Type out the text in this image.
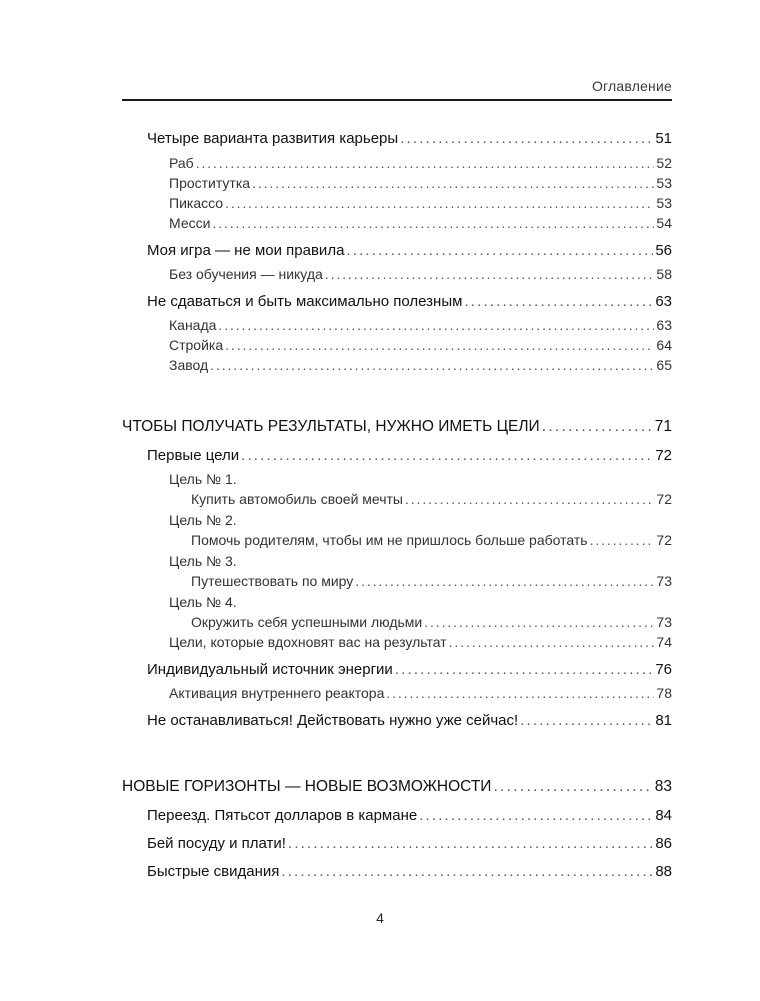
Оглавление
Четыре варианта развития карьеры . . .	51
Раб . . .	52
Проститутка . . .	53
Пикассо . . .	53
Месси . . .	54
Моя игра — не мои правила . . .	56
Без обучения — никуда . . .	58
Не сдаваться и быть максимально полезным . . .	63
Канада . . .	63
Стройка . . .	64
Завод . . .	65
ЧТОБЫ ПОЛУЧАТЬ РЕЗУЛЬТАТЫ, НУЖНО ИМЕТЬ ЦЕЛИ . . .	71
Первые цели . . .	72
Цель № 1.
Купить автомобиль своей мечты . . .	72
Цель № 2.
Помочь родителям, чтобы им не пришлось больше работать . . .	72
Цель № 3.
Путешествовать по миру . . .	73
Цель № 4.
Окружить себя успешными людьми . . .	73
Цели, которые вдохновят вас на результат . . .	74
Индивидуальный источник энергии . . .	76
Активация внутреннего реактора . . .	78
Не останавливаться! Действовать нужно уже сейчас! . . .	81
НОВЫЕ ГОРИЗОНТЫ — НОВЫЕ ВОЗМОЖНОСТИ . . .	83
Переезд. Пятьсот долларов в кармане . . .	84
Бей посуду и плати! . . .	86
Быстрые свидания . . .	88
4
